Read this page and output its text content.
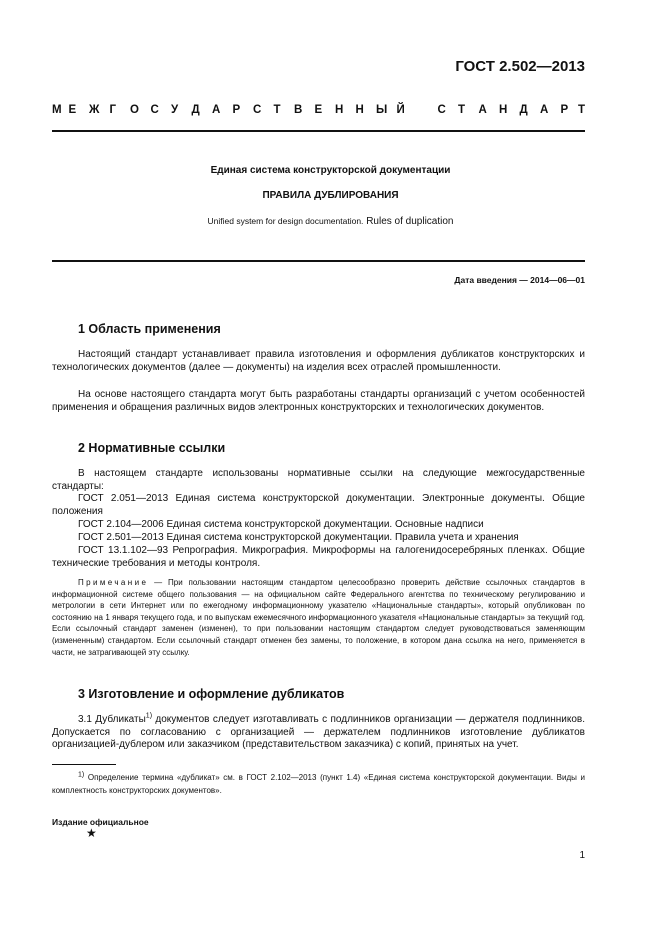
ГОСТ 2.502—2013
М Е Ж Г О С У Д А Р С Т В Е Н Н Ы Й	С Т А Н Д А Р Т
Единая система конструкторской документации
ПРАВИЛА ДУБЛИРОВАНИЯ
Unified system for design documentation. Rules of duplication
Дата введения — 2014—06—01
1 Область применения
Настоящий стандарт устанавливает правила изготовления и оформления дубликатов конструкторских и технологических документов (далее — документы) на изделия всех отраслей промышленности.
На основе настоящего стандарта могут быть разработаны стандарты организаций с учетом особенностей применения и обращения различных видов электронных конструкторских и технологических документов.
2 Нормативные ссылки
В настоящем стандарте использованы нормативные ссылки на следующие межгосударственные стандарты:
ГОСТ 2.051—2013 Единая система конструкторской документации. Электронные документы. Общие положения
ГОСТ 2.104—2006 Единая система конструкторской документации. Основные надписи
ГОСТ 2.501—2013 Единая система конструкторской документации. Правила учета и хранения
ГОСТ 13.1.102—93 Репрография. Микрография. Микроформы на галогенидосеребряных пленках. Общие технические требования и методы контроля.
Примечание — При пользовании настоящим стандартом целесообразно проверить действие ссылочных стандартов в информационной системе общего пользования — на официальном сайте Федерального агентства по техническому регулированию и метрологии в сети Интернет или по ежегодному информационному указателю «Национальные стандарты», который опубликован по состоянию на 1 января текущего года, и по выпускам ежемесячного информационного указателя «Национальные стандарты» за текущий год. Если ссылочный стандарт заменен (изменен), то при пользовании настоящим стандартом следует руководствоваться заменяющим (измененным) стандартом. Если ссылочный стандарт отменен без замены, то положение, в котором дана ссылка на него, применяется в части, не затрагивающей эту ссылку.
3 Изготовление и оформление дубликатов
3.1 Дубликаты$^{1)}$ документов следует изготавливать с подлинников организации — держателя подлинников. Допускается по согласованию с организацией — держателем подлинников изготовление дубликатов организацией-дублером или заказчиком (представительством заказчика) с копий, принятых на учет.
$^{1)}$ Определение термина «дубликат» см. в ГОСТ 2.102—2013 (пункт 1.4) «Единая система конструкторской документации. Виды и комплектность конструкторских документов».
Издание официальное
★
1
